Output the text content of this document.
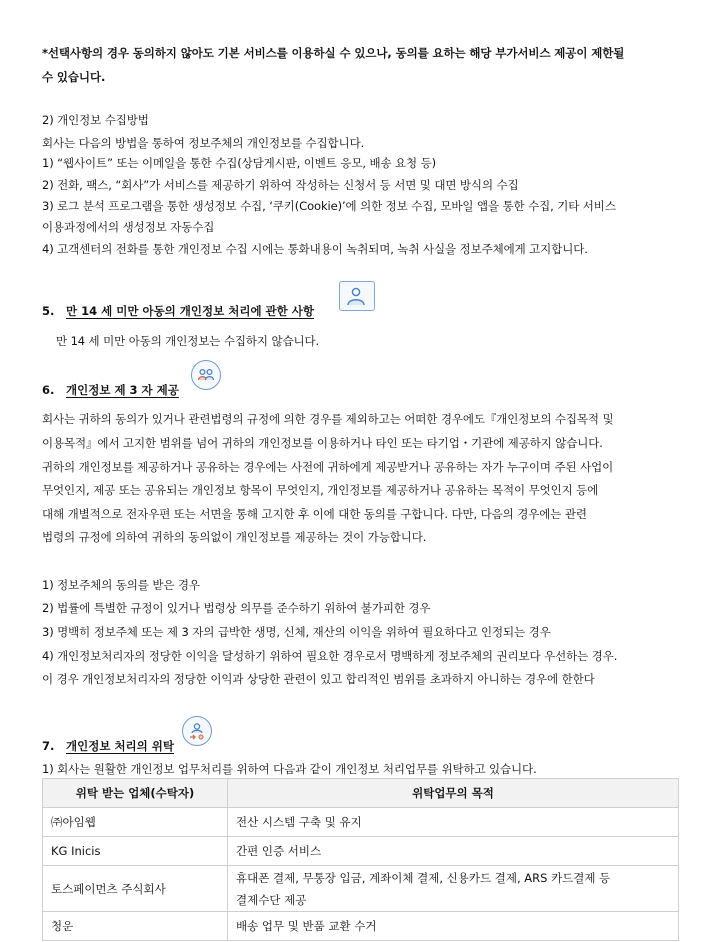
*선택사항의 경우 동의하지 않아도 기본 서비스를 이용하실 수 있으나, 동의를 요하는 해당 부가서비스 제공이 제한될
수 있습니다.
2) 개인정보 수집방법
회사는 다음의 방법을 통하여 정보주체의 개인정보를 수집합니다.
1) “웹사이트” 또는 이메일을 통한 수집(상담게시판, 이벤트 응모, 배송 요청 등)
2) 전화, 팩스, “회사”가 서비스를 제공하기 위하여 작성하는 신청서 등 서면 및 대면 방식의 수집
3) 로그 분석 프로그램을 통한 생성정보 수집, ‘쿠키(Cookie)’에 의한 정보 수집, 모바일 앱을 통한 수집, 기타 서비스
이용과정에서의 생성정보 자동수집
4) 고객센터의 전화를 통한 개인정보 수집 시에는 통화내용이 녹취되며, 녹취 사실을 정보주체에게 고지합니다.
5. 만 14 세 미만 아동의 개인정보 처리에 관한 사항
만 14 세 미만 아동의 개인정보는 수집하지 않습니다.
6. 개인정보 제 3 자 제공
회사는 귀하의 동의가 있거나 관련법령의 규정에 의한 경우를 제외하고는 어떠한 경우에도『개인정보의 수집목적 및
이용목적』에서 고지한 범위를 넘어 귀하의 개인정보를 이용하거나 타인 또는 타기업・기관에 제공하지 않습니다.
귀하의 개인정보를 제공하거나 공유하는 경우에는 사전에 귀하에게 제공받거나 공유하는 자가 누구이며 주된 사업이
무엇인지, 제공 또는 공유되는 개인정보 항목이 무엇인지, 개인정보를 제공하거나 공유하는 목적이 무엇인지 등에
대해 개별적으로 전자우편 또는 서면을 통해 고지한 후 이에 대한 동의를 구합니다. 다만, 다음의 경우에는 관련
법령의 규정에 의하여 귀하의 동의없이 개인정보를 제공하는 것이 가능합니다.
1) 정보주체의 동의를 받은 경우
2) 법률에 특별한 규정이 있거나 법령상 의무를 준수하기 위하여 불가피한 경우
3) 명백히 정보주체 또는 제 3 자의 급박한 생명, 신체, 재산의 이익을 위하여 필요하다고 인정되는 경우
4) 개인정보처리자의 정당한 이익을 달성하기 위하여 필요한 경우로서 명백하게 정보주체의 권리보다 우선하는 경우.
이 경우 개인정보처리자의 정당한 이익과 상당한 관련이 있고 합리적인 범위를 초과하지 아니하는 경우에 한한다
7. 개인정보 처리의 위탁
1) 회사는 원활한 개인정보 업무처리를 위하여 다음과 같이 개인정보 처리업무를 위탁하고 있습니다.
위탁 받는 업체(수탁자)	위탁업무의 목적
㈜아임웹	전산 시스템 구축 및 유지
KG Inicis	간편 인증 서비스
토스페이먼츠 주식회사	휴대폰 결제, 무통장 입금, 계좌이체 결제, 신용카드 결제, ARS 카드결제 등
결제수단 제공

청운	배송 업무 및 반품 교환 수거
